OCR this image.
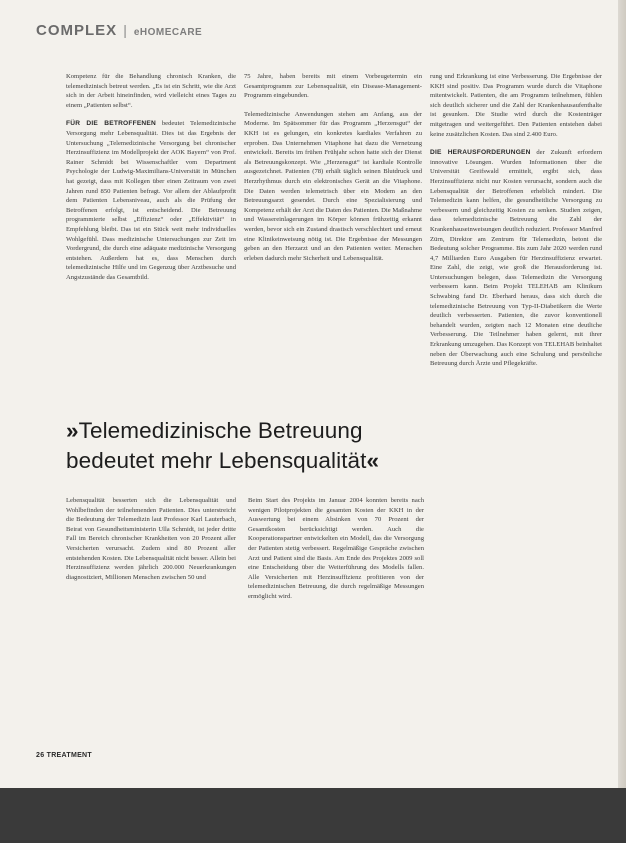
COMPLEX | eHOMECARE

Kompetenz für die Behandlung chronisch Kranken, die telemedizinisch betreut werden. „Es ist ein Schritt, wie die Arzt sich in der Arbeit hineinfinden, wird vielleicht eines Tages zu einem „Patienten selbst“.

FÜR DIE BETROFFENEN bedeutet Telemedizinische Versorgung mehr Lebensqualität. Dies ist das Ergebnis der Untersuchung „Telemedizinische Versorgung bei chronischer Herzinsuffizienz im Modellprojekt der AOK Bayern“ von Prof. Rainer Schmidt bei Wissenschaftler vom Department Psychologie der Ludwig-Maximilians-Universität in München hat gezeigt, dass mit Kollegen über einen Zeitraum von zwei Jahren rund 850 Patienten befragt. Vor allem der Ablaufprofit dem Patienten Lebensniveau, auch als die Prüfung der Betroffenen erfolgt, ist entscheidend. Die Betreuung programmierte selbst „Effizienz“ oder „Effektivität“ in Empfehlung bleibt. Das ist ein Stück weit mehr individuelles Wohlgefühl. Dass medizinische Untersuchungen zur Zeit im Vordergrund, die durch eine adäquate medizinische Versorgung entstehen. Außerdem hat es, dass Menschen durch telemedizinische Hilfe und im Gegenzug über Arztbesuche und Angstzustände das Gesamtbild.

75 Jahre, haben bereits mit einem Vorbeugetermin ein Gesamtprogramm zur Lebensqualität, ein Disease-Management-Programm eingebunden.

Telemedizinische Anwendungen stehen am Anfang, aus der Moderne. Im Spätsommer für das Programm „Herzensgut“ der KKH ist es gelungen, ein konkretes kardiales Verfahren zu erproben. Das Unternehmen Vitaphone hat dazu die Vernetzung entwickelt. Bereits im frühen Frühjahr schon hatte sich der Dienst als Betreuungskonzept. Wie „Herzensgut“ ist kardiale Kontrolle ausgezeichnet. Patienten (78) erhält täglich seinen Blutdruck und Herzrhythmus durch ein elektronisches Gerät an die Vitaphone. Die Daten werden telemetrisch über ein Modem an den Betreuungsarzt gesendet. Durch eine Spezialisierung und Kompetenz erhält der Arzt die Daten des Patienten. Die Maßnahme und Wassereinlagerungen im Körper können frühzeitig erkannt werden, bevor sich ein Zustand drastisch verschlechtert und erneut eine Klinikeinweisung nötig ist. Die Ergebnisse der Messungen geben an den Herzarzt und an den Patienten weiter. Menschen erleben dadurch mehr Sicherheit und Lebensqualität.

rung und Erkrankung ist eine Verbesserung. Die Ergebnisse der KKH sind positiv. Das Programm wurde durch die Vitaphone mitentwickelt. Patienten, die am Programm teilnehmen, fühlen sich deutlich sicherer und die Zahl der Krankenhausaufenthalte ist gesunken. Die Studie wird durch die Kostenträger mitgetragen und weitergeführt. Den Patienten entstehen dabei keine zusätzlichen Kosten. Das sind 2.400 Euro.

DIE HERAUSFORDERUNGEN der Zukunft erfordern innovative Lösungen. Wurden Informationen über die Universität Greifswald ermittelt, ergibt sich, dass Herzinsuffizienz nicht nur Kosten verursacht, sondern auch die Lebensqualität der Betroffenen erheblich mindert. Die Telemedizin kann helfen, die gesundheitliche Versorgung zu verbessern und gleichzeitig Kosten zu senken. Studien zeigen, dass telemedizinische Betreuung die Zahl der Krankenhauseinweisungen deutlich reduziert. Professor Manfred Zürn, Direktor am Zentrum für Telemedizin, betont die Bedeutung solcher Programme. Bis zum Jahr 2020 werden rund 4,7 Milliarden Euro Ausgaben für Herzinsuffizienz erwartet. Eine Zahl, die zeigt, wie groß die Herausforderung ist. Untersuchungen belegen, dass Telemedizin die Versorgung verbessern kann. Beim Projekt TELEHAB am Klinikum Schwabing fand Dr. Eberhard heraus, dass sich durch die telemedizinische Betreuung von Typ-II-Diabetikern die Werte deutlich verbesserten. Patienten, die zuvor konventionell behandelt wurden, zeigten nach 12 Monaten eine deutliche Verbesserung. Die Teilnehmer haben gelernt, mit ihrer Erkrankung umzugehen. Das Konzept von TELEHAB beinhaltet neben der Überwachung auch eine Schulung und persönliche Betreuung durch Ärzte und Pflegekräfte.

»Telemedizinische Betreuung bedeutet mehr Lebensqualität«

Lebensqualität besserten sich die Lebensqualität und Wohlbefinden der teilnehmenden Patienten. Dies unterstreicht die Bedeutung der Telemedizin laut Professor Karl Lauterbach, Beirat von Gesundheitsministerin Ulla Schmidt, ist jeder dritte Fall im Bereich chronischer Krankheiten von 20 Prozent aller Versicherten verursacht. Zudem sind 80 Prozent aller entstehenden Kosten. Die Lebensqualität nicht besser. Allein bei Herzinsuffizienz werden jährlich 200.000 Neuerkrankungen diagnostiziert, Millionen Menschen zwischen 50 und

Beim Start des Projekts im Januar 2004 konnten bereits nach wenigen Pilotprojekten die gesamten Kosten der KKH in der Auswertung bei einem Absinken von 70 Prozent der Gesamtkosten berücksichtigt werden. Auch die Kooperationspartner entwickelten ein Modell, das die Versorgung der Patienten stetig verbessert. Regelmäßige Gespräche zwischen Arzt und Patient sind die Basis. Am Ende des Projektes 2009 soll eine Entscheidung über die Weiterführung des Modells fallen. Alle Versicherten mit Herzinsuffizienz profitieren von der telemedizinischen Betreuung, die durch regelmäßige Messungen ermöglicht wird.

26 TREATMENT
